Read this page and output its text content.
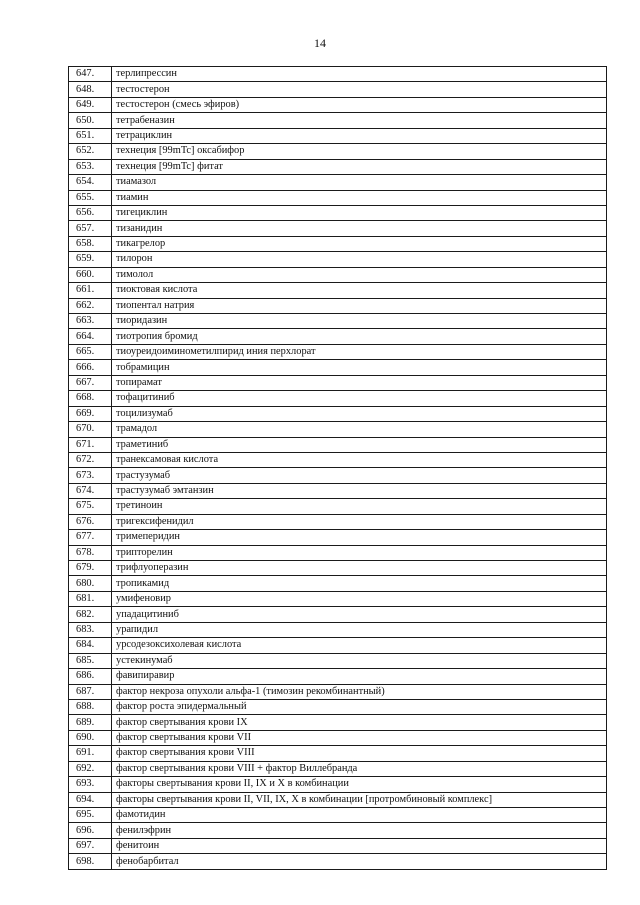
14
647.	терлипрессин
648.	тестостерон
649.	тестостерон (смесь эфиров)
650.	тетрабеназин
651.	тетрациклин
652.	технеция [99mTc] оксабифор
653.	технеция [99mTc] фитат
654.	тиамазол
655.	тиамин
656.	тигециклин
657.	тизанидин
658.	тикагрелор
659.	тилорон
660.	тимолол
661.	тиоктовая кислота
662.	тиопентал натрия
663.	тиоридазин
664.	тиотропия бромид
665.	тиоуреидоиминометилпирид иния перхлорат
666.	тобрамицин
667.	топирамат
668.	тофацитиниб
669.	тоцилизумаб
670.	трамадол
671.	траметиниб
672.	транексамовая кислота
673.	трастузумаб
674.	трастузумаб эмтанзин
675.	третиноин
676.	тригексифенидил
677.	тримеперидин
678.	трипторелин
679.	трифлуоперазин
680.	тропикамид
681.	умифеновир
682.	упадацитиниб
683.	урапидил
684.	урсодезоксихолевая кислота
685.	устекинумаб
686.	фавипиравир
687.	фактор некроза опухоли альфа-1 (тимозин рекомбинантный)
688.	фактор роста эпидермальный
689.	фактор свертывания крови IX
690.	фактор свертывания крови VII
691.	фактор свертывания крови VIII
692.	фактор свертывания крови VIII + фактор Виллебранда
693.	факторы свертывания крови II, IX и X в комбинации
694.	факторы свертывания крови II, VII, IX, X в комбинации [протромбиновый комплекс]
695.	фамотидин
696.	фенилэфрин
697.	фенитоин
698.	фенобарбитал
